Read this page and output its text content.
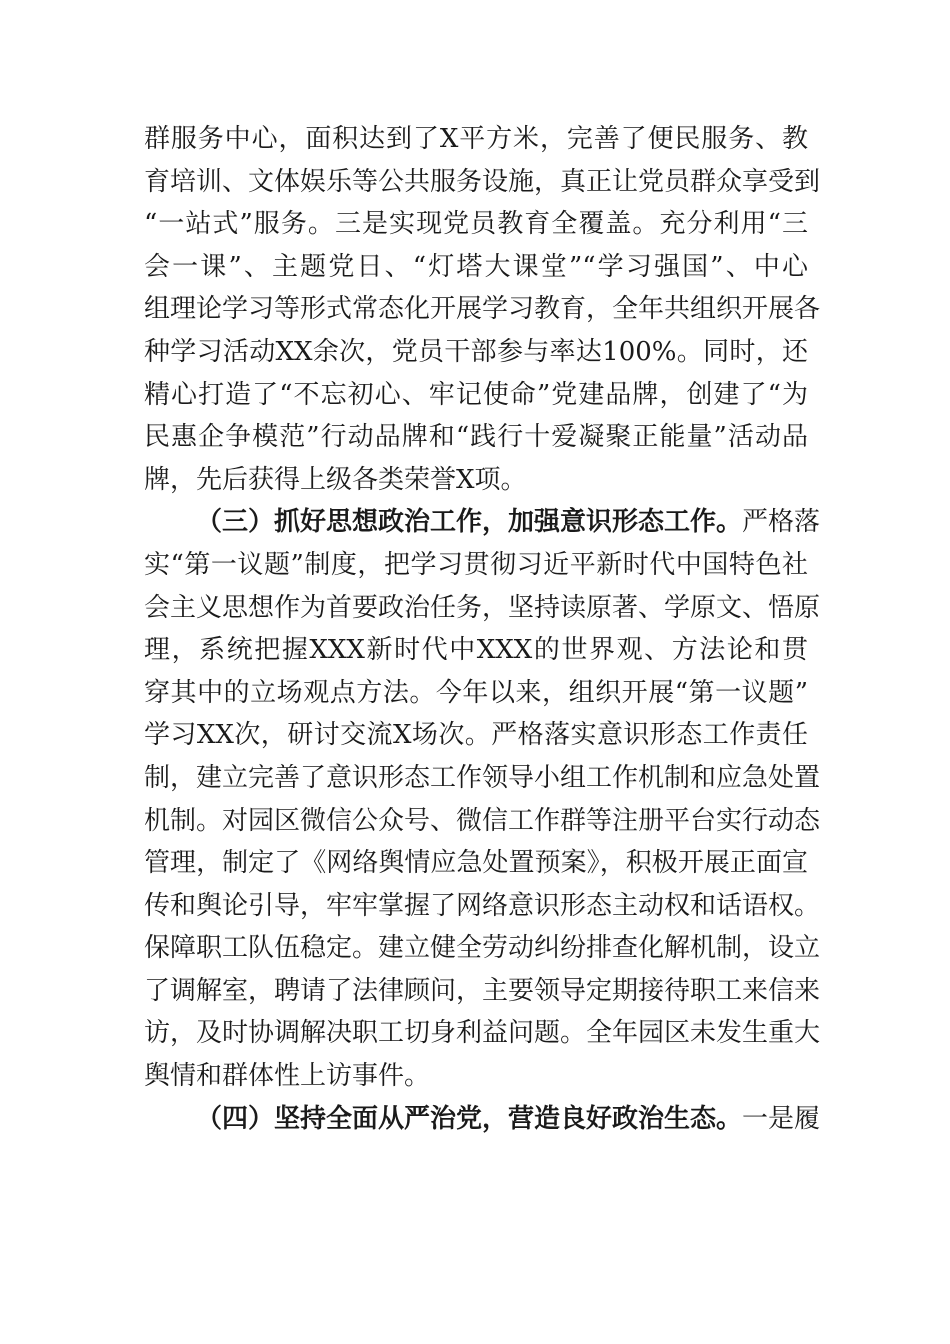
群服务中心，面积达到了X平方米，完善了便民服务、教
育培训、文体娱乐等公共服务设施，真正让党员群众享受到
“一站式”服务。三是实现党员教育全覆盖。充分利用“三
会一课”、主题党日、“灯塔大课堂”“学习强国”、中心
组理论学习等形式常态化开展学习教育，全年共组织开展各
种学习活动XX余次，党员干部参与率达100%。同时，还
精心打造了“不忘初心、牢记使命”党建品牌，创建了“为
民惠企争模范”行动品牌和“践行十爱凝聚正能量”活动品
牌，先后获得上级各类荣誉X项。
（三）抓好思想政治工作，加强意识形态工作。严格落
实“第一议题”制度，把学习贯彻习近平新时代中国特色社
会主义思想作为首要政治任务，坚持读原著、学原文、悟原
理，系统把握XXX新时代中XXX的世界观、方法论和贯
穿其中的立场观点方法。今年以来，组织开展“第一议题”
学习XX次，研讨交流X场次。严格落实意识形态工作责任
制，建立完善了意识形态工作领导小组工作机制和应急处置
机制。对园区微信公众号、微信工作群等注册平台实行动态
管理，制定了《网络舆情应急处置预案》，积极开展正面宣
传和舆论引导，牢牢掌握了网络意识形态主动权和话语权。
保障职工队伍稳定。建立健全劳动纠纷排查化解机制，设立
了调解室，聘请了法律顾问，主要领导定期接待职工来信来
访，及时协调解决职工切身利益问题。全年园区未发生重大
舆情和群体性上访事件。
（四）坚持全面从严治党，营造良好政治生态。一是履
